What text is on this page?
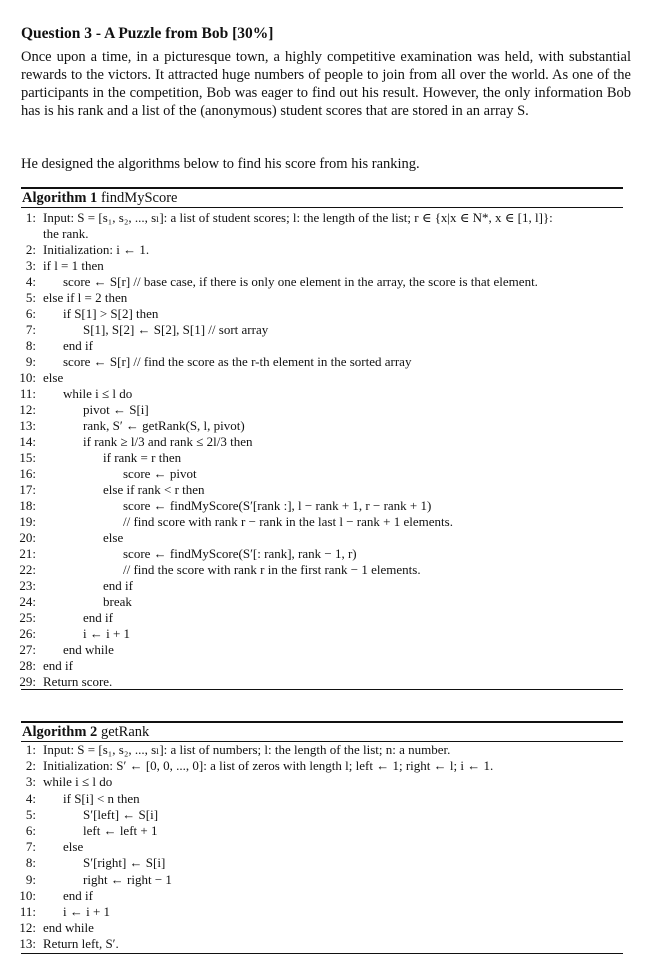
Question 3 - A Puzzle from Bob [30%]

Once upon a time, in a picturesque town, a highly competitive examination was held, with substantial rewards to the victors. It attracted huge numbers of people to join from all over the world. As one of the participants in the competition, Bob was eager to find out his result. However, the only information Bob has is his rank and a list of the (anonymous) student scores that are stored in an array S.

He designed the algorithms below to find his score from his ranking.

Algorithm 1 findMyScore
1: Input: S = [s₁, s₂, ..., sₗ]: a list of student scores; l: the length of the list; r ∈ {x|x ∈ N*, x ∈ [1, l]}:
the rank.
2: Initialization: i ← 1.
3: if l = 1 then
4: score ← S[r] // base case, if there is only one element in the array, the score is that element.
5: else if l = 2 then
6: if S[1] > S[2] then
7:	S[1], S[2] ← S[2], S[1] // sort array
8: end if
9: score ← S[r] // find the score as the r-th element in the sorted array
10: else
11: while i ≤ l do
12:	pivot ← S[i]
13:	rank, S′ ← getRank(S, l, pivot)
14:	if rank ≥ l/3 and rank ≤ 2l/3 then
15:	if rank = r then
16:	score ← pivot
17:	else if rank < r then
18:	score ← findMyScore(S′[rank :], l − rank + 1, r − rank + 1)
19:	// find score with rank r − rank in the last l − rank + 1 elements.
20:	else
21:	score ← findMyScore(S′[: rank], rank − 1, r)
22:	// find the score with rank r in the first rank − 1 elements.
23:	end if
24:	break
25:	end if
26:	i ← i + 1
27: end while
28: end if
29: Return score.
Algorithm 2 getRank
1: Input: S = [s₁, s₂, ..., sₗ]: a list of numbers; l: the length of the list; n: a number.
2: Initialization: S′ ← [0, 0, ..., 0]: a list of zeros with length l; left ← 1; right ← l; i ← 1.
3: while i ≤ l do
4: if S[i] < n then
5:	S′[left] ← S[i]
6:	left ← left + 1
7: else
8:	S′[right] ← S[i]
9:	right ← right − 1
10: end if
11: i ← i + 1
12: end while
13: Return left, S′.
